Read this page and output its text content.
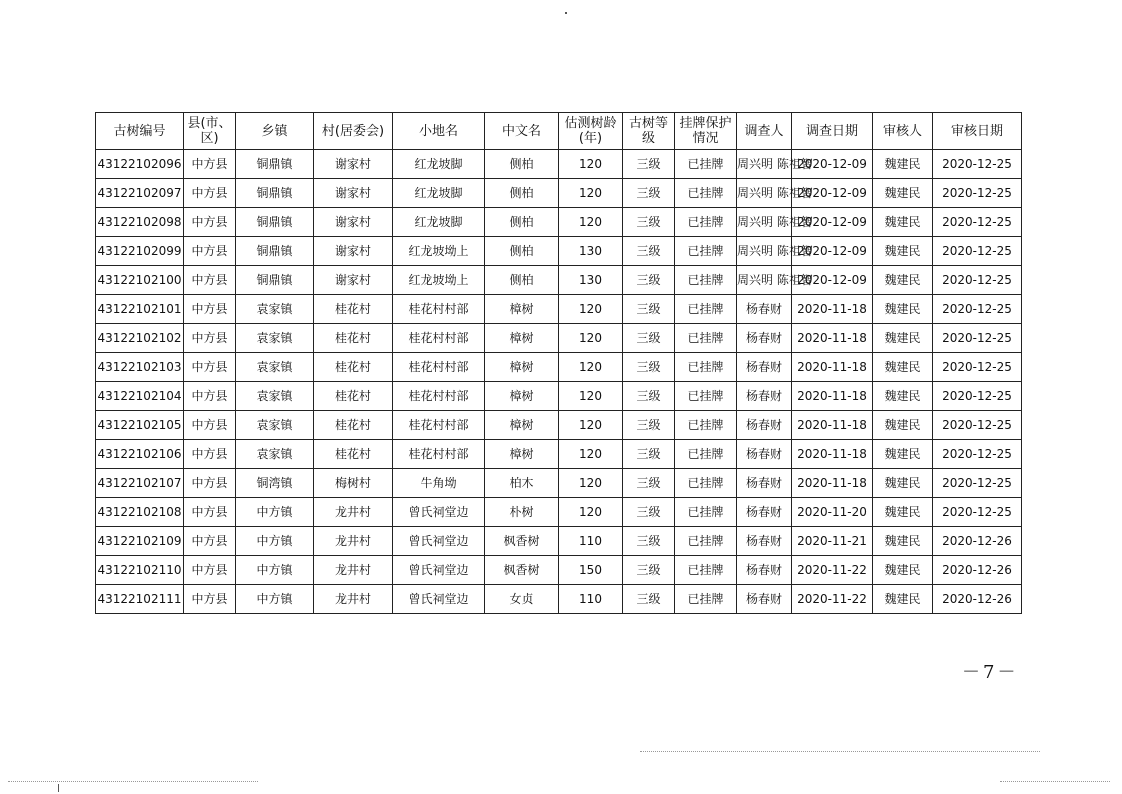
古树编号	县(市、区)	乡镇	村(居委会)	小地名	中文名	估测树龄(年)	古树等级	挂牌保护情况	调查人	调查日期	审核人	审核日期
43122102096	中方县	铜鼎镇	谢家村	红龙坡脚	侧柏	120	三级	已挂牌	周兴明 陈祖智	2020-12-09	魏建民	2020-12-25
43122102097	中方县	铜鼎镇	谢家村	红龙坡脚	侧柏	120	三级	已挂牌	周兴明 陈祖智	2020-12-09	魏建民	2020-12-25
43122102098	中方县	铜鼎镇	谢家村	红龙坡脚	侧柏	120	三级	已挂牌	周兴明 陈祖智	2020-12-09	魏建民	2020-12-25
43122102099	中方县	铜鼎镇	谢家村	红龙坡坳上	侧柏	130	三级	已挂牌	周兴明 陈祖智	2020-12-09	魏建民	2020-12-25
43122102100	中方县	铜鼎镇	谢家村	红龙坡坳上	侧柏	130	三级	已挂牌	周兴明 陈祖智	2020-12-09	魏建民	2020-12-25
43122102101	中方县	袁家镇	桂花村	桂花村村部	樟树	120	三级	已挂牌	杨春财	2020-11-18	魏建民	2020-12-25
43122102102	中方县	袁家镇	桂花村	桂花村村部	樟树	120	三级	已挂牌	杨春财	2020-11-18	魏建民	2020-12-25
43122102103	中方县	袁家镇	桂花村	桂花村村部	樟树	120	三级	已挂牌	杨春财	2020-11-18	魏建民	2020-12-25
43122102104	中方县	袁家镇	桂花村	桂花村村部	樟树	120	三级	已挂牌	杨春财	2020-11-18	魏建民	2020-12-25
43122102105	中方县	袁家镇	桂花村	桂花村村部	樟树	120	三级	已挂牌	杨春财	2020-11-18	魏建民	2020-12-25
43122102106	中方县	袁家镇	桂花村	桂花村村部	樟树	120	三级	已挂牌	杨春财	2020-11-18	魏建民	2020-12-25
43122102107	中方县	铜湾镇	梅树村	牛角坳	柏木	120	三级	已挂牌	杨春财	2020-11-18	魏建民	2020-12-25
43122102108	中方县	中方镇	龙井村	曾氏祠堂边	朴树	120	三级	已挂牌	杨春财	2020-11-20	魏建民	2020-12-25
43122102109	中方县	中方镇	龙井村	曾氏祠堂边	枫香树	110	三级	已挂牌	杨春财	2020-11-21	魏建民	2020-12-26
43122102110	中方县	中方镇	龙井村	曾氏祠堂边	枫香树	150	三级	已挂牌	杨春财	2020-11-22	魏建民	2020-12-26
43122102111	中方县	中方镇	龙井村	曾氏祠堂边	女贞	110	三级	已挂牌	杨春财	2020-11-22	魏建民	2020-12-26
－7－
